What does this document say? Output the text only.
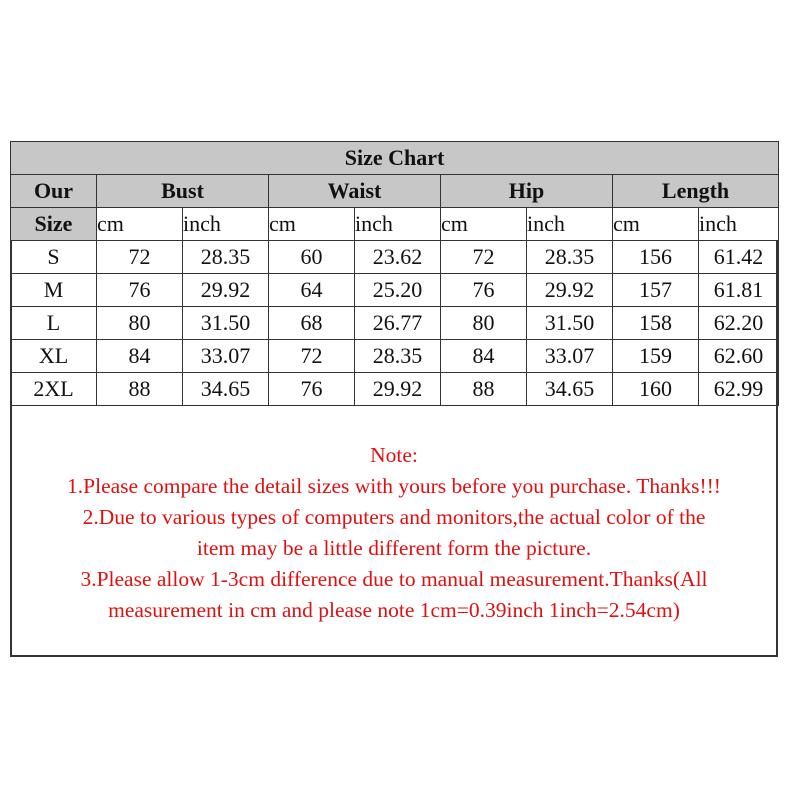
Size Chart								
Our	Bust		Waist		Hip		Length	
Size	cm	inch	cm	inch	cm	inch	cm	inch
S	72	28.35	60	23.62	72	28.35	156	61.42
M	76	29.92	64	25.20	76	29.92	157	61.81
L	80	31.50	68	26.77	80	31.50	158	62.20
XL	84	33.07	72	28.35	84	33.07	159	62.60
2XL	88	34.65	76	29.92	88	34.65	160	62.99
Note:
1.Please compare the detail sizes with yours before you purchase. Thanks!!!
2.Due to various types of computers and monitors,the actual color of the
item may be a little different form the picture.
3.Please allow 1-3cm difference due to manual measurement.Thanks(All
measurement in cm and please note 1cm=0.39inch 1inch=2.54cm)
